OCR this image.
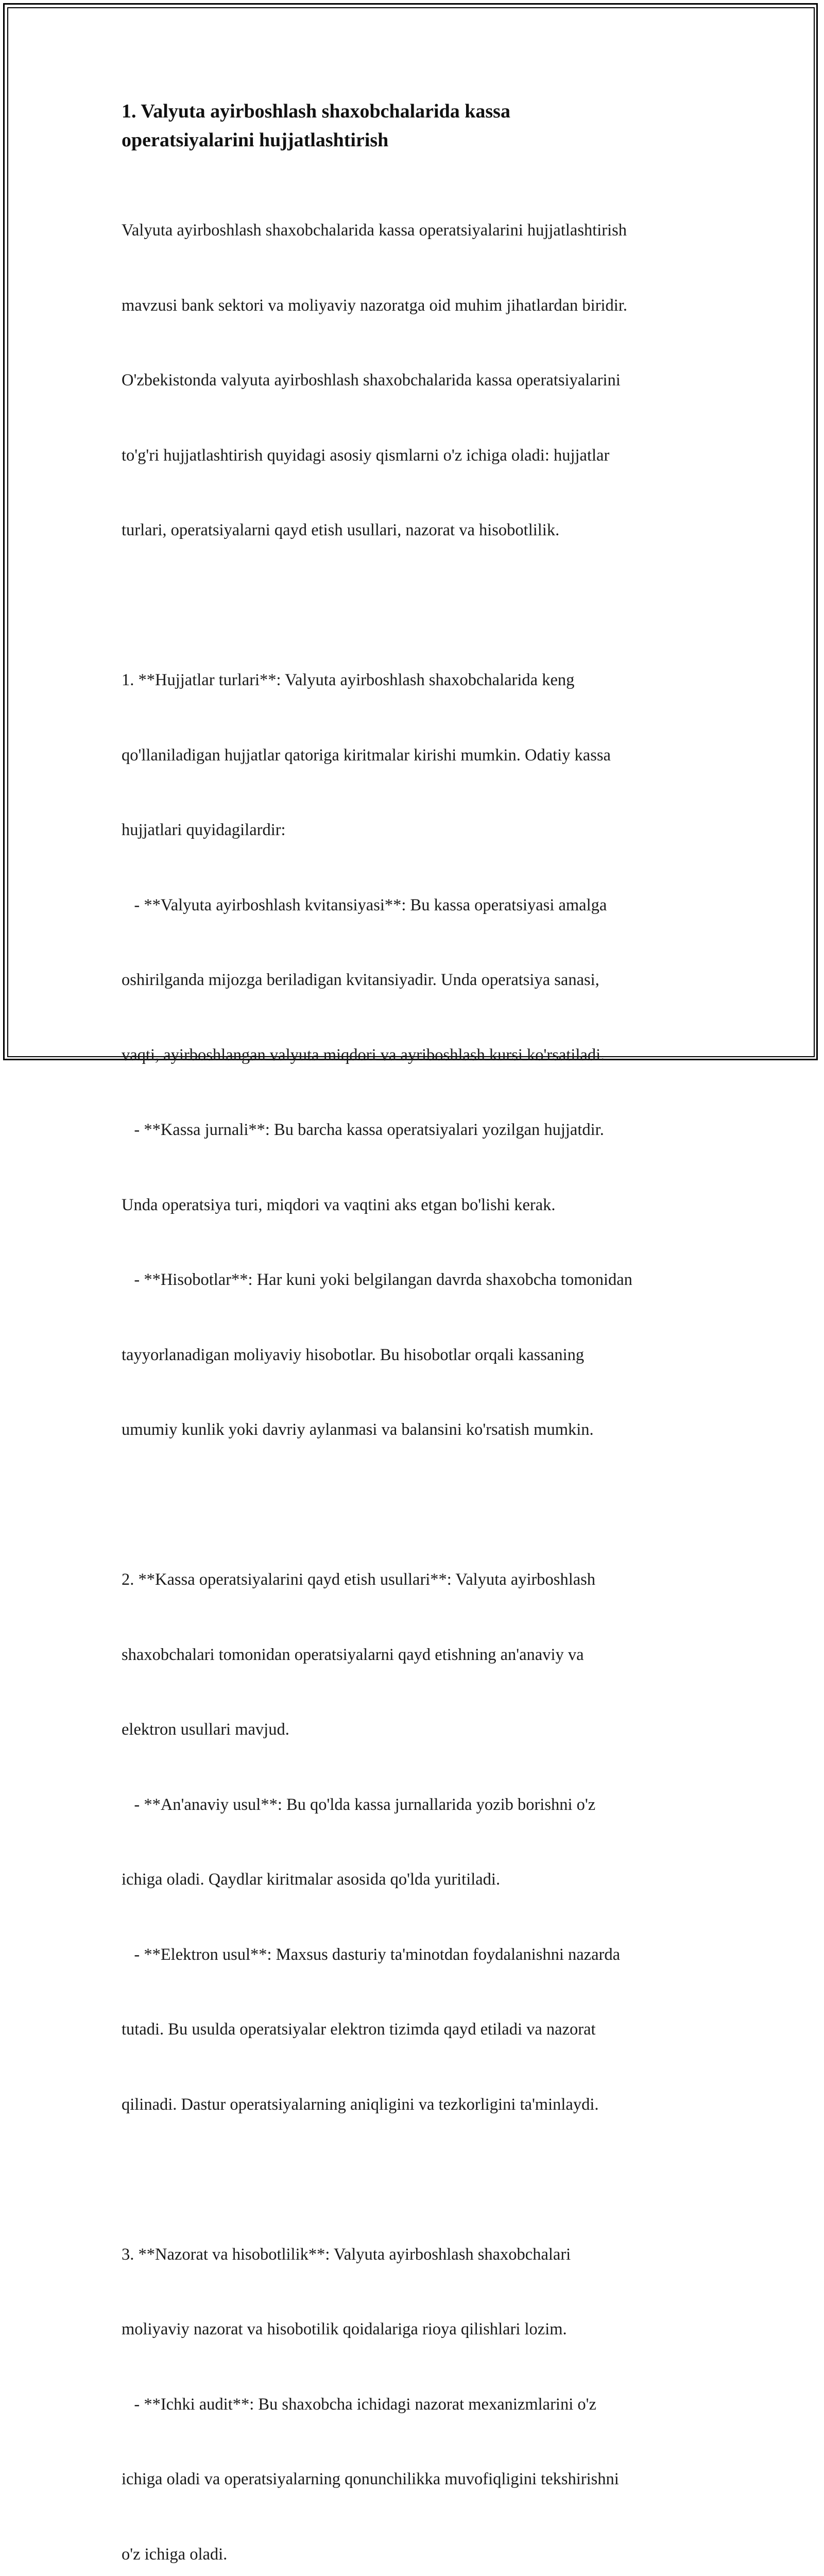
1. Valyuta ayirboshlash shaxobchalarida kassa
operatsiyalarini hujjatlashtirish

Valyuta ayirboshlash shaxobchalarida kassa operatsiyalarini hujjatlashtirish

mavzusi bank sektori va moliyaviy nazoratga oid muhim jihatlardan biridir.

O'zbekistonda valyuta ayirboshlash shaxobchalarida kassa operatsiyalarini

to'g'ri hujjatlashtirish quyidagi asosiy qismlarni o'z ichiga oladi: hujjatlar

turlari, operatsiyalarni qayd etish usullari, nazorat va hisobotlilik.

1. **Hujjatlar turlari**: Valyuta ayirboshlash shaxobchalarida keng

qo'llaniladigan hujjatlar qatoriga kiritmalar kirishi mumkin. Odatiy kassa

hujjatlari quyidagilardir:

- **Valyuta ayirboshlash kvitansiyasi**: Bu kassa operatsiyasi amalga

oshirilganda mijozga beriladigan kvitansiyadir. Unda operatsiya sanasi,

vaqti, ayirboshlangan valyuta miqdori va ayriboshlash kursi ko'rsatiladi.

- **Kassa jurnali**: Bu barcha kassa operatsiyalari yozilgan hujjatdir.

Unda operatsiya turi, miqdori va vaqtini aks etgan bo'lishi kerak.

- **Hisobotlar**: Har kuni yoki belgilangan davrda shaxobcha tomonidan

tayyorlanadigan moliyaviy hisobotlar. Bu hisobotlar orqali kassaning

umumiy kunlik yoki davriy aylanmasi va balansini ko'rsatish mumkin.

2. **Kassa operatsiyalarini qayd etish usullari**: Valyuta ayirboshlash

shaxobchalari tomonidan operatsiyalarni qayd etishning an'anaviy va

elektron usullari mavjud.

- **An'anaviy usul**: Bu qo'lda kassa jurnallarida yozib borishni o'z

ichiga oladi. Qaydlar kiritmalar asosida qo'lda yuritiladi.

- **Elektron usul**: Maxsus dasturiy ta'minotdan foydalanishni nazarda

tutadi. Bu usulda operatsiyalar elektron tizimda qayd etiladi va nazorat

qilinadi. Dastur operatsiyalarning aniqligini va tezkorligini ta'minlaydi.

3. **Nazorat va hisobotlilik**: Valyuta ayirboshlash shaxobchalari

moliyaviy nazorat va hisobotilik qoidalariga rioya qilishlari lozim.

- **Ichki audit**: Bu shaxobcha ichidagi nazorat mexanizmlarini o'z

ichiga oladi va operatsiyalarning qonunchilikka muvofiqligini tekshirishni

o'z ichiga oladi.
